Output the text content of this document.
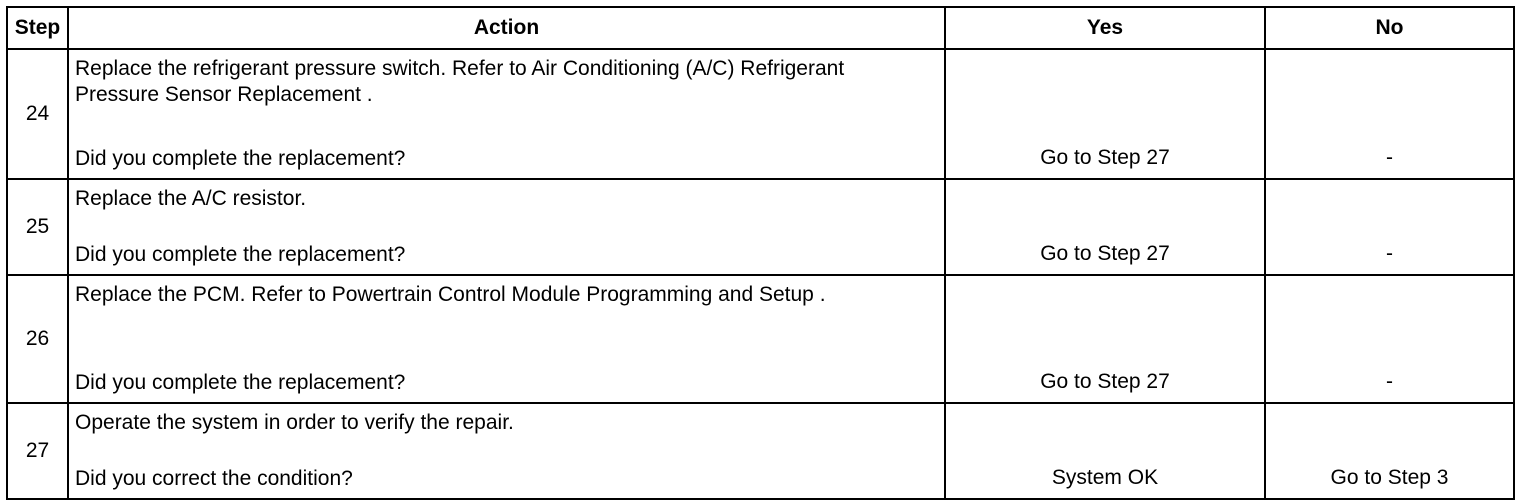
Step	Action	Yes	No
24	Replace the refrigerant pressure switch. Refer to Air Conditioning (A/C) Refrigerant Pressure Sensor Replacement .
Did you complete the replacement?	Go to Step 27	-
25	Replace the A/C resistor.
Did you complete the replacement?	Go to Step 27	-
26	Replace the PCM. Refer to Powertrain Control Module Programming and Setup .
Did you complete the replacement?	Go to Step 27	-
27	Operate the system in order to verify the repair.
Did you correct the condition?	System OK	Go to Step 3
